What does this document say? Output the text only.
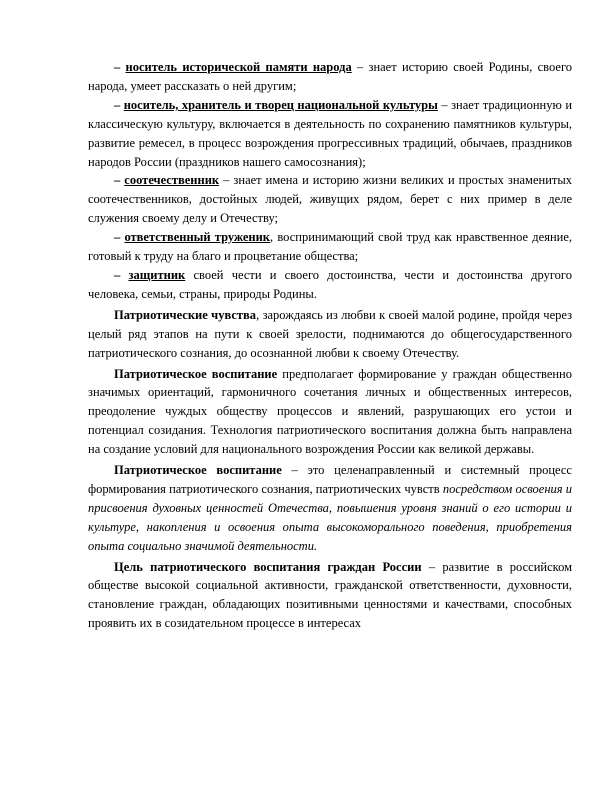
– носитель исторической памяти народа – знает историю своей Родины, своего народа, умеет рассказать о ней другим;

– носитель, хранитель и творец национальной культуры – знает традиционную и классическую культуру, включается в деятельность по сохранению памятников культуры, развитие ремесел, в процесс возрождения прогрессивных традиций, обычаев, праздников народов России (праздников нашего самосознания);

– соотечественник – знает имена и историю жизни великих и простых знаменитых соотечественников, достойных людей, живущих рядом, берет с них пример в деле служения своему делу и Отечеству;

– ответственный труженик, воспринимающий свой труд как нравственное деяние, готовый к труду на благо и процветание общества;

– защитник своей чести и своего достоинства, чести и достоинства другого человека, семьи, страны, природы Родины.

Патриотические чувства, зарождаясь из любви к своей малой родине, пройдя через целый ряд этапов на пути к своей зрелости, поднимаются до общегосударственного патриотического сознания, до осознанной любви к своему Отечеству.

Патриотическое воспитание предполагает формирование у граждан общественно значимых ориентаций, гармоничного сочетания личных и общественных интересов, преодоление чуждых обществу процессов и явлений, разрушающих его устои и потенциал созидания. Технология патриотического воспитания должна быть направлена на создание условий для национального возрождения России как великой державы.

Патриотическое воспитание – это целенаправленный и системный процесс формирования патриотического сознания, патриотических чувств посредством освоения и присвоения духовных ценностей Отечества, повышения уровня знаний о его истории и культуре, накопления и освоения опыта высокоморального поведения, приобретения опыта социально значимой деятельности.

Цель патриотического воспитания граждан России – развитие в российском обществе высокой социальной активности, гражданской ответственности, духовности, становление граждан, обладающих позитивными ценностями и качествами, способных проявить их в созидательном процессе в интересах
